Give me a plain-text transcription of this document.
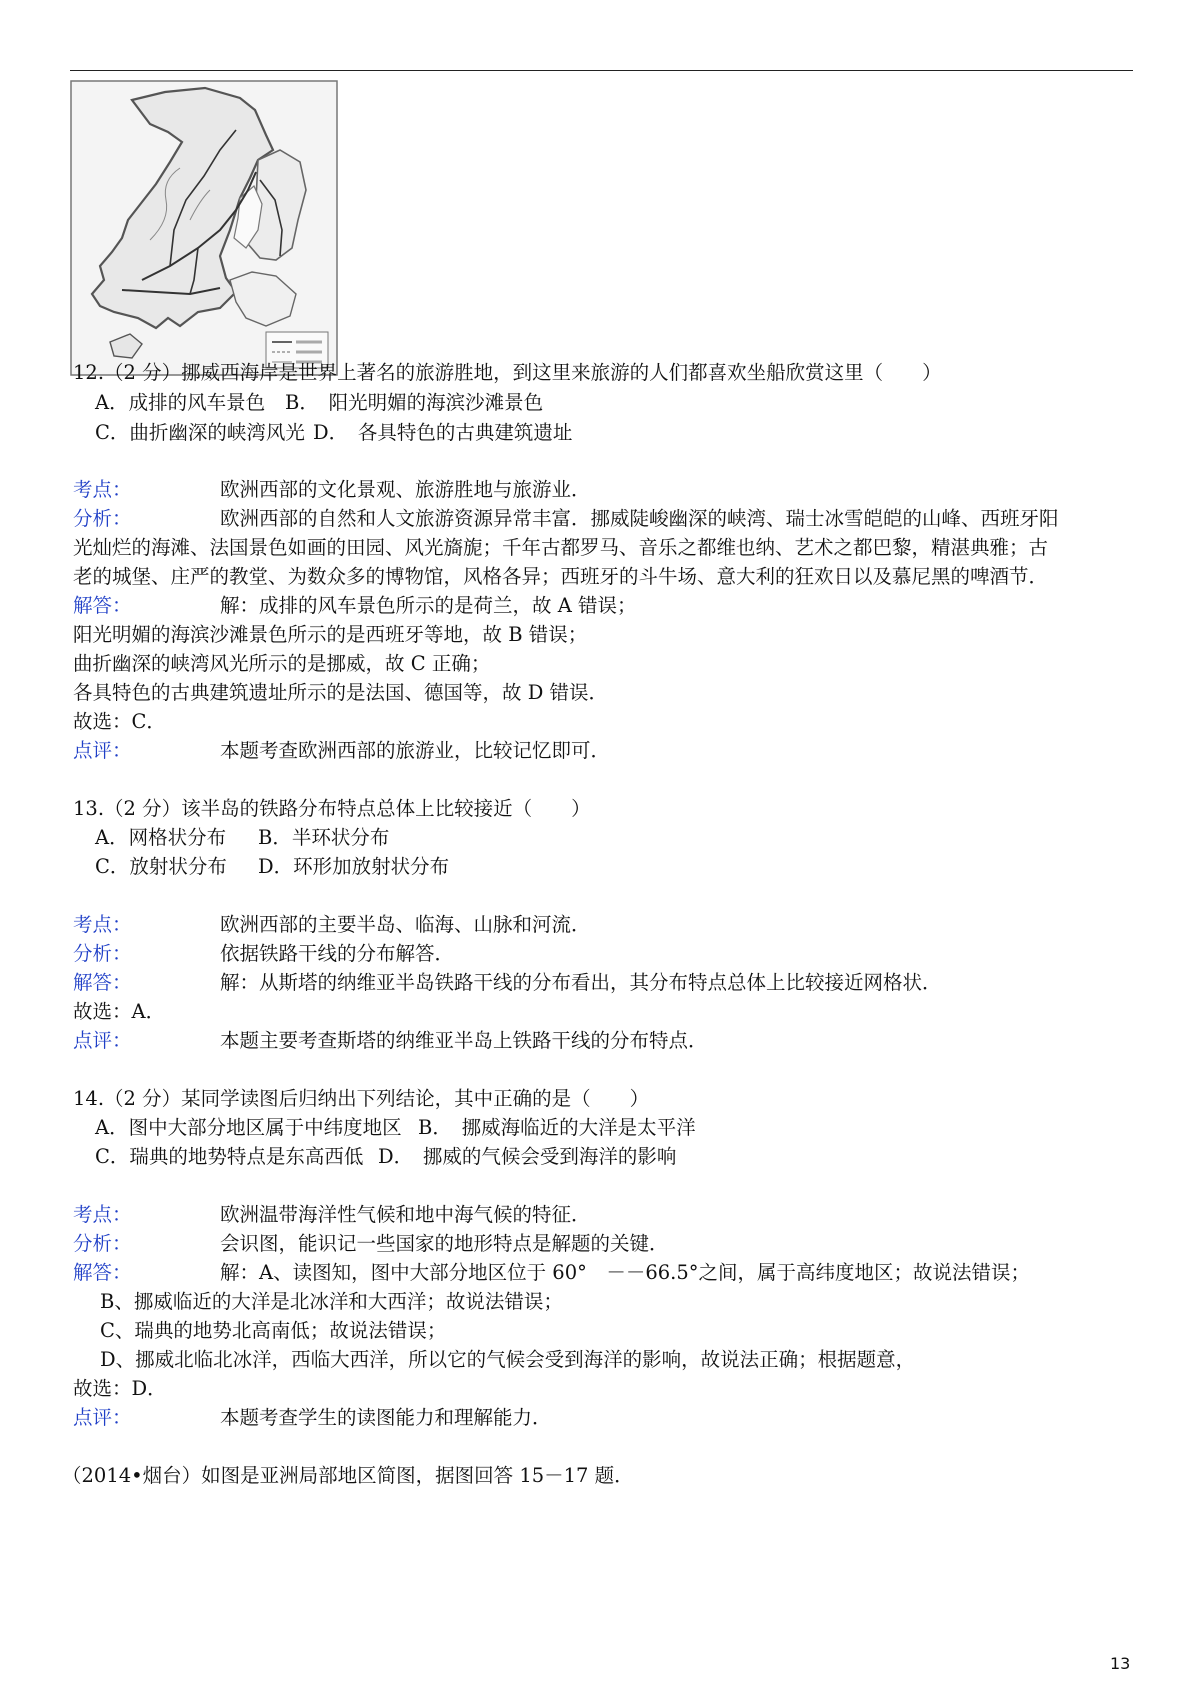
12.（2 分）挪威西海岸是世界上著名的旅游胜地，到这里来旅游的人们都喜欢坐船欣赏这里（　　）
A．成排的风车景色 B．　阳光明媚的海滨沙滩景色
C．曲折幽深的峡湾风光 D．　各具特色的古典建筑遗址
考点：	欧洲西部的文化景观、旅游胜地与旅游业．
分析：	欧洲西部的自然和人文旅游资源异常丰富．挪威陡峻幽深的峡湾、瑞士冰雪皑皑的山峰、西班牙阳
光灿烂的海滩、法国景色如画的田园、风光旖旎；千年古都罗马、音乐之都维也纳、艺术之都巴黎，精湛典雅；古
老的城堡、庄严的教堂、为数众多的博物馆，风格各异；西班牙的斗牛场、意大利的狂欢日以及慕尼黑的啤酒节．
解答：	解：成排的风车景色所示的是荷兰，故 A 错误；
阳光明媚的海滨沙滩景色所示的是西班牙等地，故 B 错误；
曲折幽深的峡湾风光所示的是挪威，故 C 正确；
各具特色的古典建筑遗址所示的是法国、德国等，故 D 错误．
故选：C．
点评：	本题考查欧洲西部的旅游业，比较记忆即可．
13.（2 分）该半岛的铁路分布特点总体上比较接近（　　）
A．网格状分布 B．半环状分布
C．放射状分布 D．环形加放射状分布
考点：	欧洲西部的主要半岛、临海、山脉和河流．
分析：	依据铁路干线的分布解答．
解答：	解：从斯塔的纳维亚半岛铁路干线的分布看出，其分布特点总体上比较接近网格状．
故选：A．
点评：	本题主要考查斯塔的纳维亚半岛上铁路干线的分布特点．
14.（2 分）某同学读图后归纳出下列结论，其中正确的是（　　）
A．图中大部分地区属于中纬度地区 B．　挪威海临近的大洋是太平洋
C．瑞典的地势特点是东高西低 D．　挪威的气候会受到海洋的影响
考点：	欧洲温带海洋性气候和地中海气候的特征．
分析：	会识图，能识记一些国家的地形特点是解题的关键．
解答：	解：A、读图知，图中大部分地区位于 60°　－－66.5°之间，属于高纬度地区；故说法错误；
B、挪威临近的大洋是北冰洋和大西洋；故说法错误；
C、瑞典的地势北高南低；故说法错误；
D、挪威北临北冰洋，西临大西洋，所以它的气候会受到海洋的影响，故说法正确；根据题意，
故选：D．
点评：	本题考查学生的读图能力和理解能力．
（2014•烟台）如图是亚洲局部地区简图，据图回答 15－17 题．
13
